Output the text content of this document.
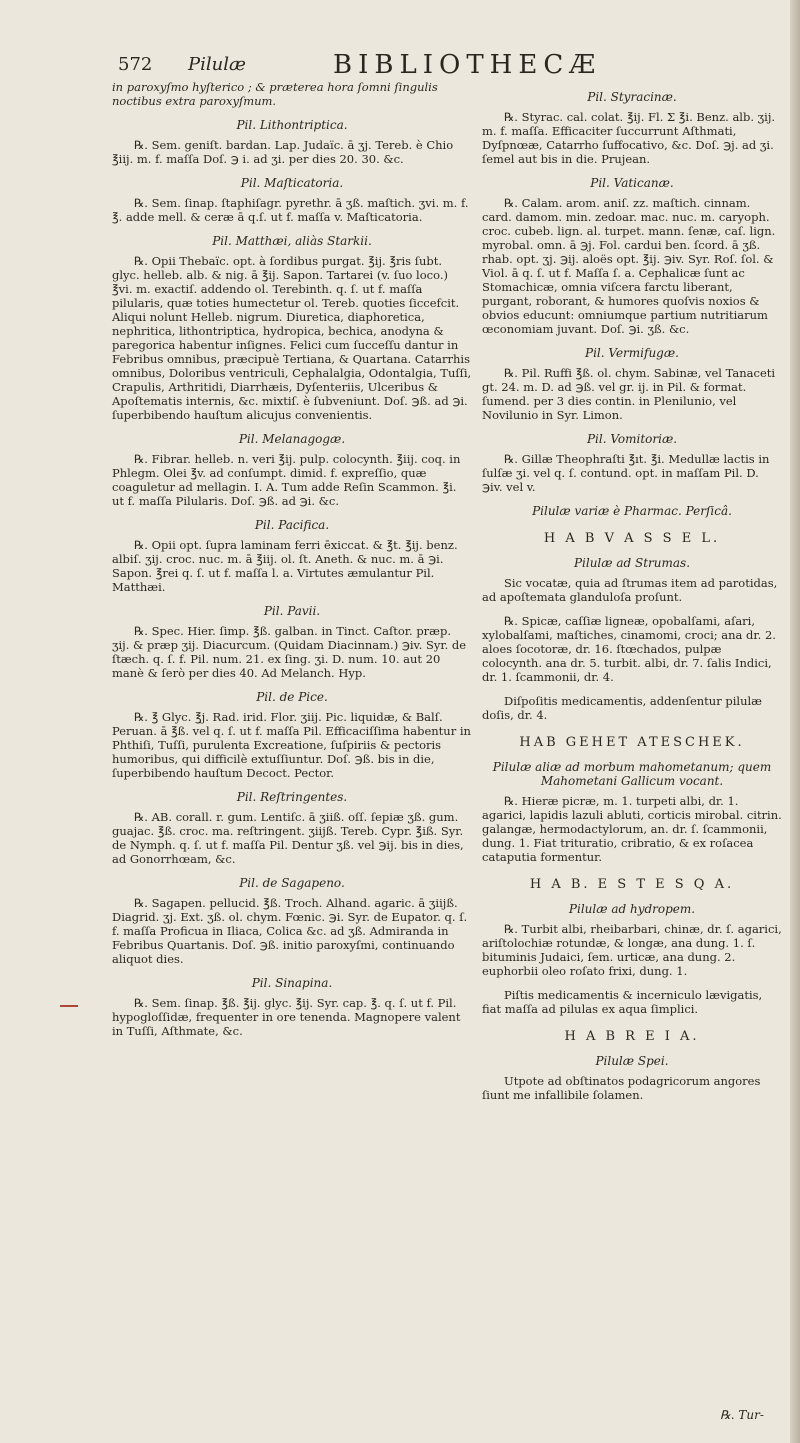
572 Pilulæ	BIBLIOTHECÆ

in paroxyſmo hyſterico ; & præterea hora ſomni ſingulis noctibus extra paroxyſmum.

Pil. Lithontriptica.

℞. Sem. geniſt. bardan. Lap. Judaïc. ā ʒj. Tereb. è Chio ℥iij. m. f. maſſa Doſ. ℈ i. ad ʒi. per dies 20. 30. &c.

Pil. Maſticatoria.

℞. Sem. ſinap. ſtaphiſagr. pyrethr. ā ʒß. maſtich. ʒvi. m. f. ℥. adde mell. & ceræ ā q.ſ. ut f. maſſa v. Maſticatoria.

Pil. Matthæi, aliàs Starkii.

℞. Opii Thebaïc. opt. à ſordibus purgat. ℥ij. ℥ris ſubt. glyc. helleb. alb. & nig. ā ℥ij. Sapon. Tartarei (v. ſuo loco.) ℥vi. m. exactiſ. addendo ol. Terebinth. q. ſ. ut f. maſſa pilularis, quæ toties humectetur ol. Tereb. quoties ſiccefcit. Aliqui nolunt Helleb. nigrum. Diuretica, diaphoretica, nephritica, lithontriptica, hydropica, bechica, anodyna & paregorica habentur inſignes. Felici cum ſucceſſu dantur in Febribus omnibus, præcipuè Tertiana, & Quartana. Catarrhis omnibus, Doloribus ventriculi, Cephalalgia, Odontalgia, Tuſſi, Crapulis, Arthritidi, Diarrhæis, Dyſenteriis, Ulceribus & Apoſtematis internis, &c. mixtiſ. è ſubveniunt. Doſ. ℈ß. ad ℈i. ſuperbibendo hauſtum alicujus convenientis.

Pil. Melanagogæ.

℞. Fibrar. helleb. n. veri ℥ij. pulp. colocynth. ℥iij. coq. in Phlegm. Olei ℥v. ad conſumpt. dimid. f. expreſſio, quæ coaguletur ad mellagin. I. A. Tum adde Reſin Scammon. ℥i. ut f. maſſa Pilularis. Doſ. ℈ß. ad ℈i. &c.

Pil. Pacifica.

℞. Opii opt. ſupra laminam ferri ēxiccat. & ℥t. ℥ij. benz. albiſ. ʒij. croc. nuc. m. ā ℥iij. ol. ſt. Aneth. & nuc. m. ā ℈i. Sapon. ℥rei q. ſ. ut f. maſſa l. a. Virtutes æmulantur Pil. Matthæi.

Pil. Pavii.

℞. Spec. Hier. ſimp. ℥ß. galban. in Tinct. Caſtor. præp. ʒij. & præp ʒij. Diacurcum. (Quidam Diacinnam.) ℈iv. Syr. de ſtæch. q. ſ. f. Pil. num. 21. ex ſing. ʒi. D. num. 10. aut 20 manè & ſerò per dies 40. Ad Melanch. Hyp.

Pil. de Pice.

℞. ℥ Glyc. ℥j. Rad. irid. Flor. ʒiij. Pic. liquidæ, & Balſ. Peruan. ā ℥ß. vel q. ſ. ut f. maſſa Pil. Efficaciſſima habentur in Phthiſi, Tuſſi, purulenta Excreatione, ſuſpiriis & pectoris humoribus, qui difficilè extuſſiuntur. Doſ. ℈ß. bis in die, ſuperbibendo hauſtum Decoct. Pector.

Pil. Reſtringentes.

℞. AB. corall. r. gum. Lentiſc. ā ʒiiß. oſſ. ſepiæ ʒß. gum. guajac. ℥ß. croc. ma. reſtringent. ʒiijß. Tereb. Cypr. ℥iß. Syr. de Nymph. q. ſ. ut f. maſſa Pil. Dentur ʒß. vel ℈ij. bis in dies, ad Gonorrhœam, &c.

Pil. de Sagapeno.

℞. Sagapen. pellucid. ℥ß. Troch. Alhand. agaric. ā ʒiijß. Diagrid. ʒj. Ext. ʒß. ol. chym. Fœnic. ℈i. Syr. de Eupator. q. ſ. f. maſſa Proficua in Iliaca, Colica &c. ad ʒß. Admiranda in Febribus Quartanis. Doſ. ℈ß. initio paroxyſmi, continuando aliquot dies.

Pil. Sinapina.

℞. Sem. ſinap. ℥ß. ℥ij. glyc. ℥ij. Syr. cap. ℥. q. ſ. ut f. Pil. hypogloſſidæ, frequenter in ore tenenda. Magnopere valent in Tuſſi, Aſthmate, &c.

Pil. Styracinæ.

℞. Styrac. cal. colat. ℥ij. Fl. Ʃ ℥i. Benz. alb. ʒij. m. f. maſſa. Efficaciter ſuccurrunt Aſthmati, Dyſpnœæ, Catarrho ſuffocativo, &c. Doſ. ℈j. ad ʒi. ſemel aut bis in die. Prujean.

Pil. Vaticanæ.

℞. Calam. arom. aniſ. zz. maſtich. cinnam. card. damom. min. zedoar. mac. nuc. m. caryoph. croc. cubeb. lign. al. turpet. mann. ſenæ, caſ. lign. myrobal. omn. ā ℈j. Fol. cardui ben. ſcord. ā ʒß. rhab. opt. ʒj. ℈ij. aloës opt. ℥ij. ℈iv. Syr. Roſ. ſol. & Viol. ā q. ſ. ut f. Maſſa ſ. a. Cephalicæ ſunt ac Stomachicæ, omnia viſcera farctu liberant, purgant, roborant, & humores quoſvis noxios & obvios educunt: omniumque partium nutritiarum œconomiam juvant. Doſ. ℈i. ʒß. &c.

Pil. Vermifugæ.

℞. Pil. Ruffi ℥ß. ol. chym. Sabinæ, vel Tanaceti gt. 24. m. D. ad ℈ß. vel gr. ij. in Pil. & format. ſumend. per 3 dies contin. in Plenilunio, vel Novilunio in Syr. Limon.

Pil. Vomitoriæ.

℞. Gillæ Theophraſti ℥ıt. ℥i. Medullæ lactis in ſulſæ ʒi. vel q. ſ. contund. opt. in maſſam Pil. D. ℈iv. vel v.

Pilulæ variæ è Pharmac. Perſicâ.
H A B V A S S E L.
Pilulæ ad Strumas.

Sic vocatæ, quia ad ſtrumas item ad parotidas, ad apoſtemata glanduloſa proſunt.

℞. Spicæ, caſſiæ ligneæ, opobalſami, aſari, xylobalſami, maſtiches, cinamomi, croci; ana dr. 2. aloes ſocotoræ, dr. 16. ſtœchados, pulpæ colocynth. ana dr. 5. turbit. albi, dr. 7. ſalis Indici, dr. 1. ſcammonii, dr. 4.

Diſpoſitis medicamentis, addenſentur pilulæ doſis, dr. 4.

HAB GEHET ATESCHEK.
Pilulæ aliæ ad morbum mahometanum; quem Mahometani Gallicum vocant.

℞. Hieræ picræ, m. 1. turpeti albi, dr. 1. agarici, lapidis lazuli abluti, corticis mirobal. citrin. galangæ, hermodactylorum, an. dr. ſ. ſcammonii, dung. 1. Fiat trituratio, cribratio, & ex roſacea cataputia formentur.

H A B. E S T E S Q A.
Pilulæ ad hydropem.

℞. Turbit albi, rheibarbari, chinæ, dr. ſ. agarici, ariſtolochiæ rotundæ, & longæ, ana dung. 1. ſ. bituminis Judaici, ſem. urticæ, ana dung. 2. euphorbii oleo roſato frixi, dung. 1.

Piſtis medicamentis & incerniculo lævigatis, fiat maſſa ad pilulas ex aqua ſimplici.

H A B R E I A.
Pilulæ Spei.

Utpote ad obſtinatos podagricorum angores ſiunt me infallibile ſolamen.

℞. Tur-
